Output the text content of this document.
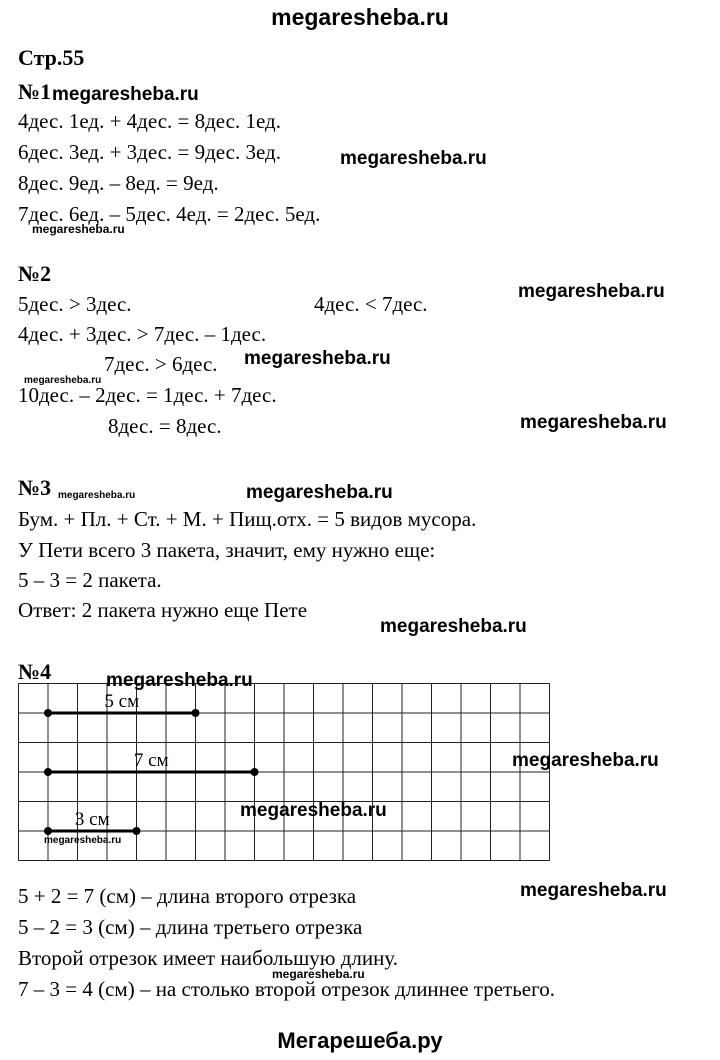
megaresheba.ru
Стр.55
№1
4дес. 1ед. + 4дес. = 8дес. 1ед.
6дес. 3ед. + 3дес. = 9дес. 3ед.
8дес. 9ед. – 8ед. = 9ед.
7дес. 6ед. – 5дес. 4ед. = 2дес. 5ед.
№2
5дес. > 3дес.	4дес. < 7дес.
4дес. + 3дес. > 7дес. – 1дес.
7дес. > 6дес.
10дес. – 2дес. = 1дес. + 7дес.
8дес. = 8дес.
№3
Бум. + Пл. + Ст. + М. + Пищ.отх. = 5 видов мусора.
У Пети всего 3 пакета, значит, ему нужно еще:
5 – 3 = 2 пакета.
Ответ: 2 пакета нужно еще Пете
№4
5 см
7 см
3 см
5 + 2 = 7 (см) – длина второго отрезка
5 – 2 = 3 (см) – длина третьего отрезка
Второй отрезок имеет наибольшую длину.
7 – 3 = 4 (см) – на столько второй отрезок длиннее третьего.
Мегарешеба.ру
megaresheba.ru
megaresheba.ru
megaresheba.ru
megaresheba.ru
megaresheba.ru
megaresheba.ru
megaresheba.ru
megaresheba.ru	megaresheba.ru
megaresheba.ru
megaresheba.ru
megaresheba.ru
megaresheba.ru
megaresheba.ru
megaresheba.ru
megaresheba.ru
